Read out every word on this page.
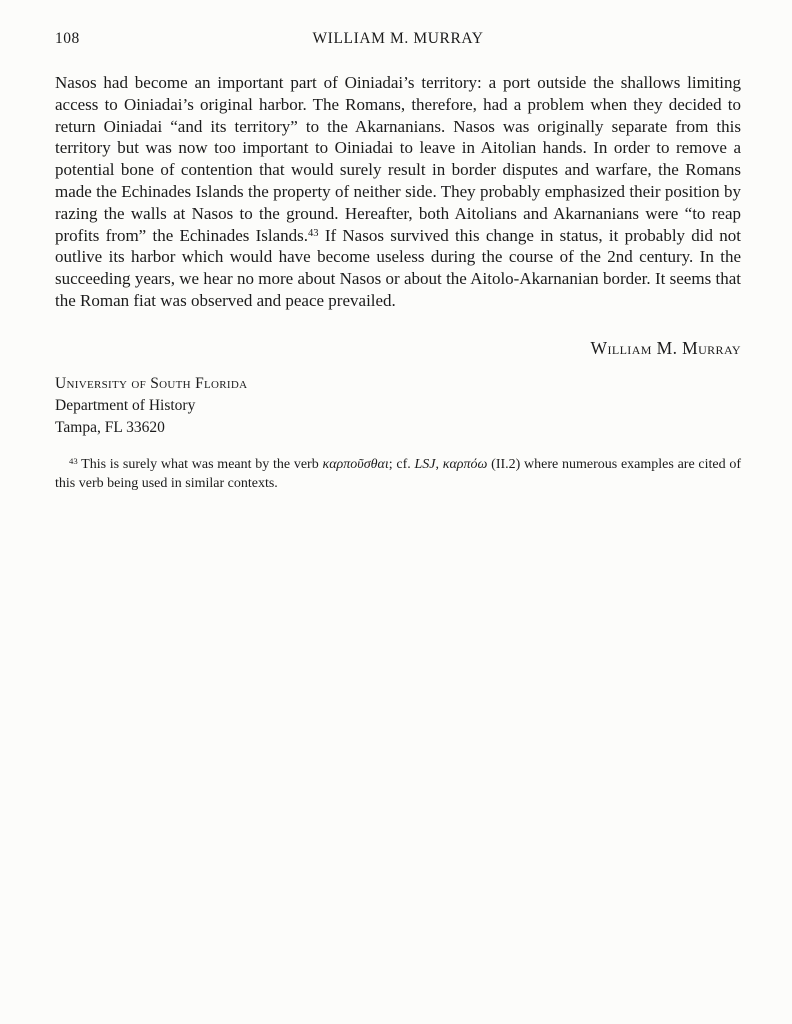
108	WILLIAM M. MURRAY

Nasos had become an important part of Oiniadai’s territory: a port outside the shallows limiting access to Oiniadai’s original harbor. The Romans, therefore, had a problem when they decided to return Oiniadai “and its territory” to the Akarnanians. Nasos was originally separate from this territory but was now too important to Oiniadai to leave in Aitolian hands. In order to remove a potential bone of contention that would surely result in border disputes and warfare, the Romans made the Echinades Islands the property of neither side. They probably emphasized their position by razing the walls at Nasos to the ground. Hereafter, both Aitolians and Akarnanians were “to reap profits from” the Echinades Islands.$^{43}$ If Nasos survived this change in status, it probably did not outlive its harbor which would have become useless during the course of the 2nd century. In the succeeding years, we hear no more about Nasos or about the Aitolo-Akarnanian border. It seems that the Roman fiat was observed and peace prevailed.

William M. Murray
University of South Florida
Department of History
Tampa, FL 33620
$^{43}$ This is surely what was meant by the verb καρποῦσθαι; cf. LSJ, καρπόω (II.2) where numerous examples are cited of this verb being used in similar contexts.
